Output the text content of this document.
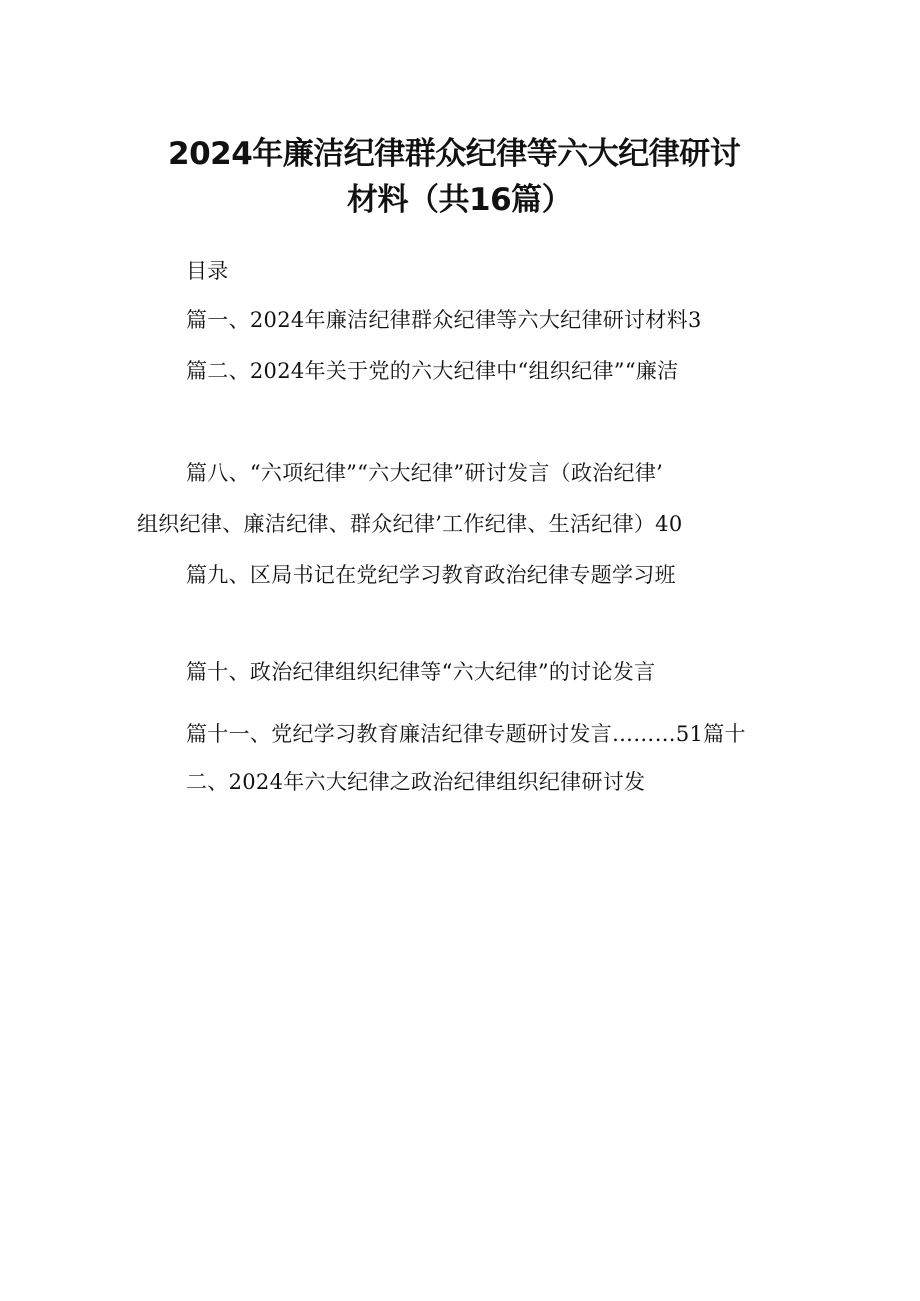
2024年廉洁纪律群众纪律等六大纪律研讨
材料（共16篇）
目录
篇一、2024年廉洁纪律群众纪律等六大纪律研讨材料3
篇二、2024年关于党的六大纪律中“组织纪律”“廉洁
篇八、“六项纪律”“六大纪律”研讨发言（政治纪律’
组织纪律、廉洁纪律、群众纪律’工作纪律、生活纪律）40
篇九、区局书记在党纪学习教育政治纪律专题学习班
篇十、政治纪律组织纪律等“六大纪律”的讨论发言
篇十一、党纪学习教育廉洁纪律专题研讨发言………51篇十
二、2024年六大纪律之政治纪律组织纪律研讨发
